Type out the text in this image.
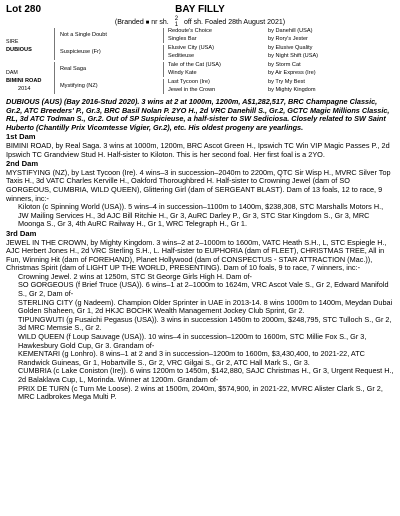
Lot 280	BAY FILLY
(Branded ■ nr sh. 2
1 off sh. Foaled 28th August 2021)
SIRE
DUBIOUS
DAM
BIMINI ROAD
2014
Not a Single Doubt
Suspicieuse (Fr)
Real Saga
Mystifying (NZ)
Redoute's Choice
Singles Bar
Elusive City (USA)
Seditieuse
Tale of the Cat (USA)
Windy Kate
Last Tycoon (Ire)
Jewel in the Crown
by Danehill (USA)
by Rory's Jester
by Elusive Quality
by Night Shift (USA)
by Storm Cat
by Air Express (Ire)
by Try My Best
by Mighty Kingdom

DUBIOUS (AUS) (Bay 2016-Stud 2020). 3 wins at 2 at 1000m, 1200m, A$1,282,517, BRC Champagne Classic, Gr.2, ATC Breeders' P., Gr.3, BRC Basil Nolan P. 2YO H., 2d VRC Danehill S., Gr.2, GCTC Magic Millions Classic, RL, 3d ATC Todman S., Gr.2. Out of SP Suspicieuse, a half-sister to SW Sediciosa. Closely related to SW Saint Huberto (Chantilly Prix Vicomtesse Vigier, Gr.2), etc. His oldest progeny are yearlings.

1st Dam

BIMINI ROAD, by Real Saga. 3 wins at 1000m, 1200m, BRC Ascot Green H., Ipswich TC Win VIP Magic Passes P., 2d Ipswich TC Grandview Stud H. Half-sister to Kiloton. This is her second foal. Her first foal is a 2YO.

2nd Dam

MYSTIFYING (NZ), by Last Tycoon (Ire). 4 wins–3 in succession–2040m to 2200m, QTC Sir Wisp H., MVRC Silver Top Taxis H., 3d VATC Charles Kerville H., Oakford Thoroughbred H. Half-sister to Crowning Jewel (dam of SO GORGEOUS, CUMBRIA, WILD QUEEN), Glittering Girl (dam of SERGEANT BLAST). Dam of 13 foals, 12 to race, 9 winners, inc:-

Kiloton (c Spinning World (USA)). 5 wins–4 in succession–1100m to 1400m, $238,308, STC Marshalls Motors H., JW Mailing Services H., 3d AJC Bill Ritchie H., Gr 3, AuRC Darley P., Gr 3, STC Star Kingdom S., Gr 3, MRC Moonga S., Gr 3, 4th AuRC Railway H., Gr 1, WRC Telegraph H., Gr 1.

3rd Dam

JEWEL IN THE CROWN, by Mighty Kingdom. 3 wins–2 at 2–1000m to 1600m, VATC Heath S.H., L, STC Espiegle H., AJC Herbert Jones H., 2d VRC Sterling S.H., L. Half-sister to EUPHORIA (dam of FLEET), CHRISTMAS TREE, All in Fun, Winning Hit (dam of FOREHAND), Planet Hollywood (dam of CONSPECTUS - STAR ATTRACTION (Mac.)), Christmas Spirit (dam of LIGHT UP THE WORLD, PRESENTING). Dam of 10 foals, 9 to race, 7 winners, inc:-

Crowning Jewel. 2 wins at 1250m, STC St George Girls High H. Dam of-

SO GORGEOUS (f Brief Truce (USA)). 6 wins–1 at 2–1000m to 1624m, VRC Ascot Vale S., Gr 2, Edward Manifold S., Gr 2, Dam of-

STERLING CITY (g Nadeem). Champion Older Sprinter in UAE in 2013-14. 8 wins 1000m to 1400m, Meydan Dubai Golden Shaheen, Gr 1, 2d HKJC BOCHK Wealth Management Jockey Club Sprint, Gr 2.

TIPUNGWUTI (g Fusaichi Pegasus (USA)). 3 wins in succession 1450m to 2000m, $248,795, STC Tulloch S., Gr 2, 3d MRC Memsie S., Gr 2.

WILD QUEEN (f Loup Sauvage (USA)). 10 wins–4 in succession–1200m to 1600m, STC Millie Fox S., Gr 3, Hawkesbury Gold Cup, Gr 3. Grandam of-

KEMENTARI (g Lonhro). 8 wins–1 at 2 and 3 in succession–1200m to 1600m, $3,430,400, to 2021-22, ATC Randwick Guineas, Gr 1, Hobartville S., Gr 2, VRC Gilgai S., Gr 2, ATC Hall Mark S., Gr 3.

CUMBRIA (c Lake Coniston (Ire)). 6 wins 1200m to 1450m, $142,880, SAJC Christmas H., Gr 3, Urgent Request H., 2d Balaklava Cup, L, Morinda. Winner at 1200m. Grandam of-

PRIX DE TURN (c Turn Me Loose). 2 wins at 1500m, 2040m, $574,900, in 2021-22, MVRC Alister Clark S., Gr 2, MRC Ladbrokes Mega Multi P.
